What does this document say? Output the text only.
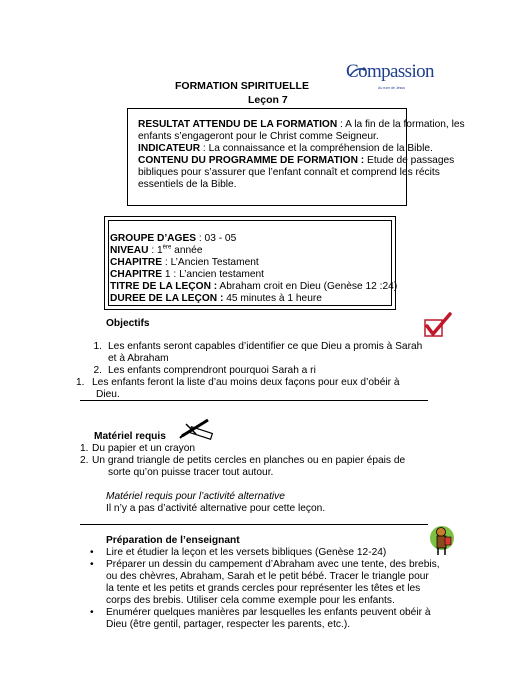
FORMATION SPIRITUELLE
Leçon 7
Compassion
Au nom de Jésus
RESULTAT ATTENDU DE LA FORMATION : A la fin de la formation, les
enfants s’engageront pour le Christ comme Seigneur.
INDICATEUR : La connaissance et la compréhension de la Bible.
CONTENU DU PROGRAMME DE FORMATION : Etude de passages
bibliques pour s’assurer que l’enfant connaît et comprend les récits
essentiels de la Bible.
GROUPE D’AGES : 03 - 05
NIVEAU : 1ère année
CHAPITRE : L’Ancien Testament
CHAPITRE 1 : L’ancien testament
TITRE DE LA LEÇON : Abraham croit en Dieu (Genèse 12 :24)
DUREE DE LA LEÇON : 45 minutes à 1 heure
Objectifs
1. Les enfants seront capables d’identifier ce que Dieu a promis à Sarah
et à Abraham
2. Les enfants comprendront pourquoi Sarah a ri
1. Les enfants feront la liste d’au moins deux façons pour eux d’obéir à
Dieu.
Matériel requis
1. Du papier et un crayon
2. Un grand triangle de petits cercles en planches ou en papier épais de
sorte qu’on puisse tracer tout autour.
Matériel requis pour l’activité alternative
Il n’y a pas d’activité alternative pour cette leçon.
Préparation de l’enseignant
• Lire et étudier la leçon et les versets bibliques (Genèse 12-24)
• Préparer un dessin du campement d’Abraham avec une tente, des brebis,
ou des chèvres, Abraham, Sarah et le petit bébé. Tracer le triangle pour
la tente et les petits et grands cercles pour représenter les têtes et les
corps des brebis. Utiliser cela comme exemple pour les enfants.
• Enumérer quelques manières par lesquelles les enfants peuvent obéir à
Dieu (être gentil, partager, respecter les parents, etc.).
